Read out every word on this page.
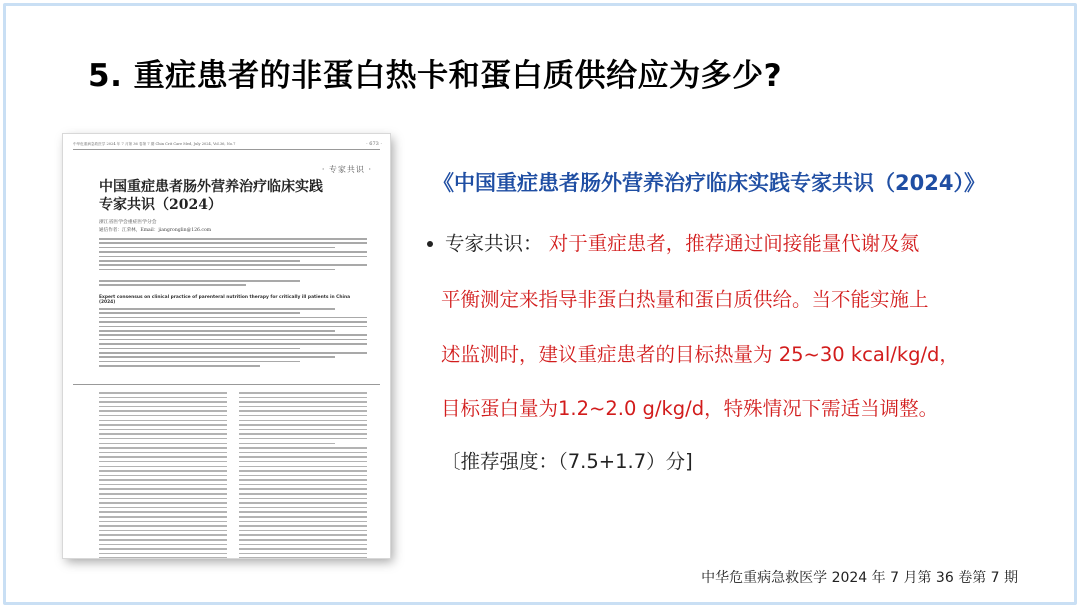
5. 重症患者的非蛋白热卡和蛋白质供给应为多少?
中华危重病急救医学 2024 年 7 月第 36 卷第 7 期 Chin Crit Care Med, July 2024, Vol.36, No.7	· 673 ·
· 专家共识 ·
中国重症患者肠外营养治疗临床实践
专家共识（2024）
浙江省医学会重症医学分会
通信作者：江荣林，Email：jiangronglin@126.com
Expert consensus on clinical practice of parenteral nutrition therapy for critically ill patients in China (2024)
《中国重症患者肠外营养治疗临床实践专家共识（2024）》
专家共识： 对于重症患者，推荐通过间接能量代谢及氮
平衡测定来指导非蛋白热量和蛋白质供给。当不能实施上
述监测时，建议重症患者的目标热量为 25~30 kcal/kg/d，
目标蛋白量为1.2~2.0 g/kg/d，特殊情况下需适当调整。
〔推荐强度：（7.5+1.7）分]
中华危重病急救医学 2024 年 7 月第 36 卷第 7 期
